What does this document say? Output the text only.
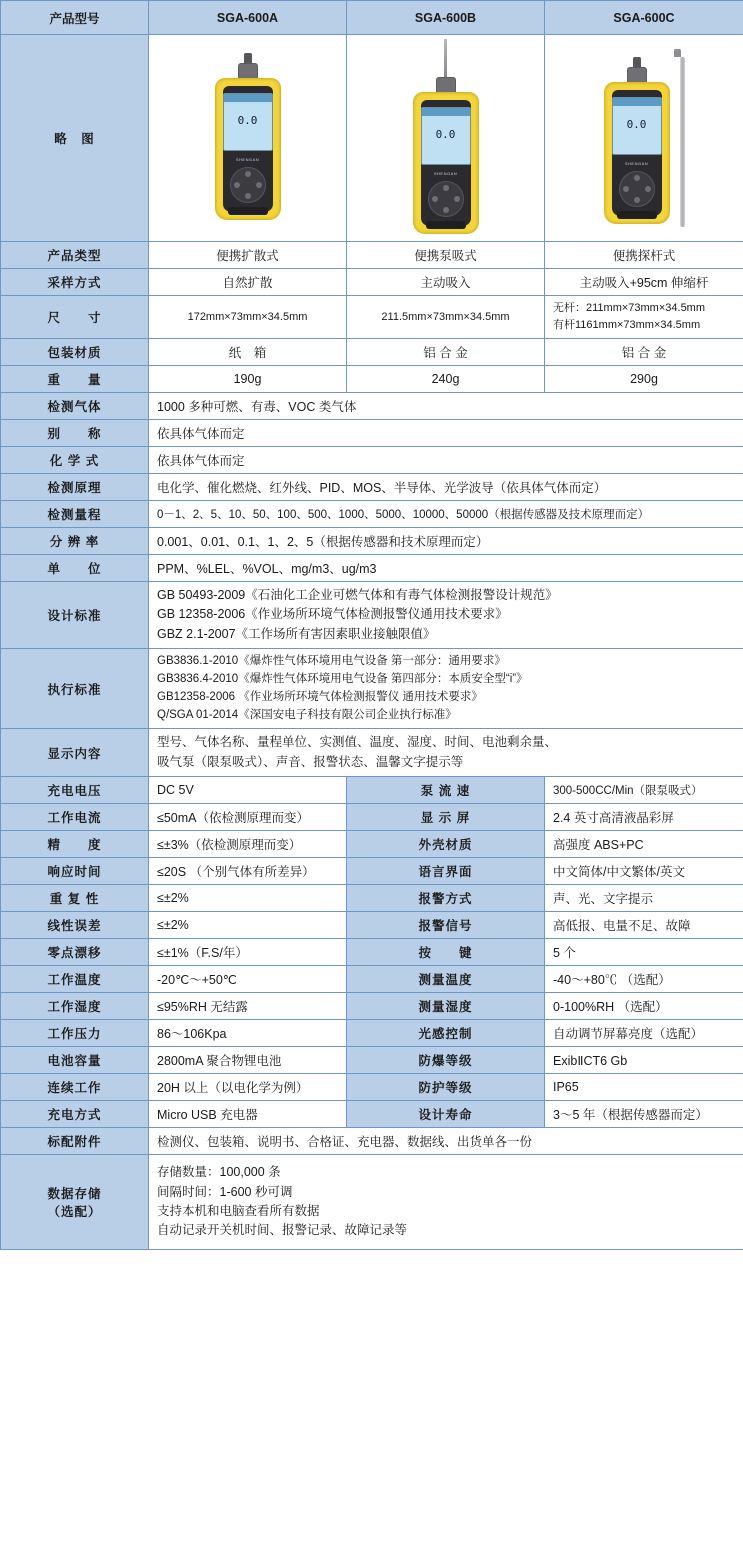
产品型号	SGA-600A	SGA-600B	SGA-600C
略　图	
0.0
SHENGAN

0.0
SHENGAN

0.0
SHENGAN

产品类型	便携扩散式	便携泵吸式	便携探杆式
采样方式	自然扩散	主动吸入	主动吸入+95cm 伸缩杆
尺　　寸	172mm×73mm×34.5mm	211.5mm×73mm×34.5mm	无杆：211mm×73mm×34.5mm
有杆1161mm×73mm×34.5mm

包装材质	纸　箱	铝 合 金	铝 合 金
重　　量	190g	240g	290g
检测气体	1000 多种可燃、有毒、VOC 类气体		
别　　称	依具体气体而定		
化 学 式	依具体气体而定		
检测原理	电化学、催化燃烧、红外线、PID、MOS、半导体、光学波导（依具体气体而定）		
检测量程	0－1、2、5、10、50、100、500、1000、5000、10000、50000（根据传感器及技术原理而定）		
分 辨 率	0.001、0.01、0.1、1、2、5（根据传感器和技术原理而定）		
单　　位	PPM、%LEL、%VOL、mg/m3、ug/m3		
设计标准	GB 50493-2009《石油化工企业可燃气体和有毒气体检测报警设计规范》
GB 12358-2006《作业场所环境气体检测报警仪通用技术要求》
GBZ 2.1-2007《工作场所有害因素职业接触限值》		

执行标准	GB3836.1-2010《爆炸性气体环境用电气设备 第一部分：通用要求》
GB3836.4-2010《爆炸性气体环境用电气设备 第四部分：本质安全型“i”》
GB12358-2006 《作业场所环境气体检测报警仪 通用技术要求》
Q/SGA 01-2014《深国安电子科技有限公司企业执行标准》		

显示内容	型号、气体名称、量程单位、实测值、温度、湿度、时间、电池剩余量、
吸气泵（限泵吸式）、声音、报警状态、温馨文字提示等		

充电电压	DC 5V	泵 流 速	300-500CC/Min（限泵吸式）
工作电流	≤50mA（依检测原理而变）	显 示 屏	2.4 英寸高清液晶彩屏
精　　度	≤±3%（依检测原理而变）	外壳材质	高强度 ABS+PC
响应时间	≤20S （个别气体有所差异）	语言界面	中文简体/中文繁体/英文
重 复 性	≤±2%	报警方式	声、光、文字提示
线性误差	≤±2%	报警信号	高低报、电量不足、故障
零点漂移	≤±1%（F.S/年）	按　　键	5 个
工作温度	-20℃～+50℃	测量温度	-40～+80℃ （选配）
工作湿度	≤95%RH 无结露	测量湿度	0-100%RH （选配）
工作压力	86～106Kpa	光感控制	自动调节屏幕亮度（选配）
电池容量	2800mA 聚合物锂电池	防爆等级	ExibⅡCT6 Gb
连续工作	20H 以上（以电化学为例）	防护等级	IP65
充电方式	Micro USB 充电器	设计寿命	3～5 年（根据传感器而定）
标配附件	检测仪、包装箱、说明书、合格证、充电器、数据线、出货单各一份		

数据存储
（选配）

存储数量：100,000 条
间隔时间：1-600 秒可调
支持本机和电脑查看所有数据
自动记录开关机时间、报警记录、故障记录等
